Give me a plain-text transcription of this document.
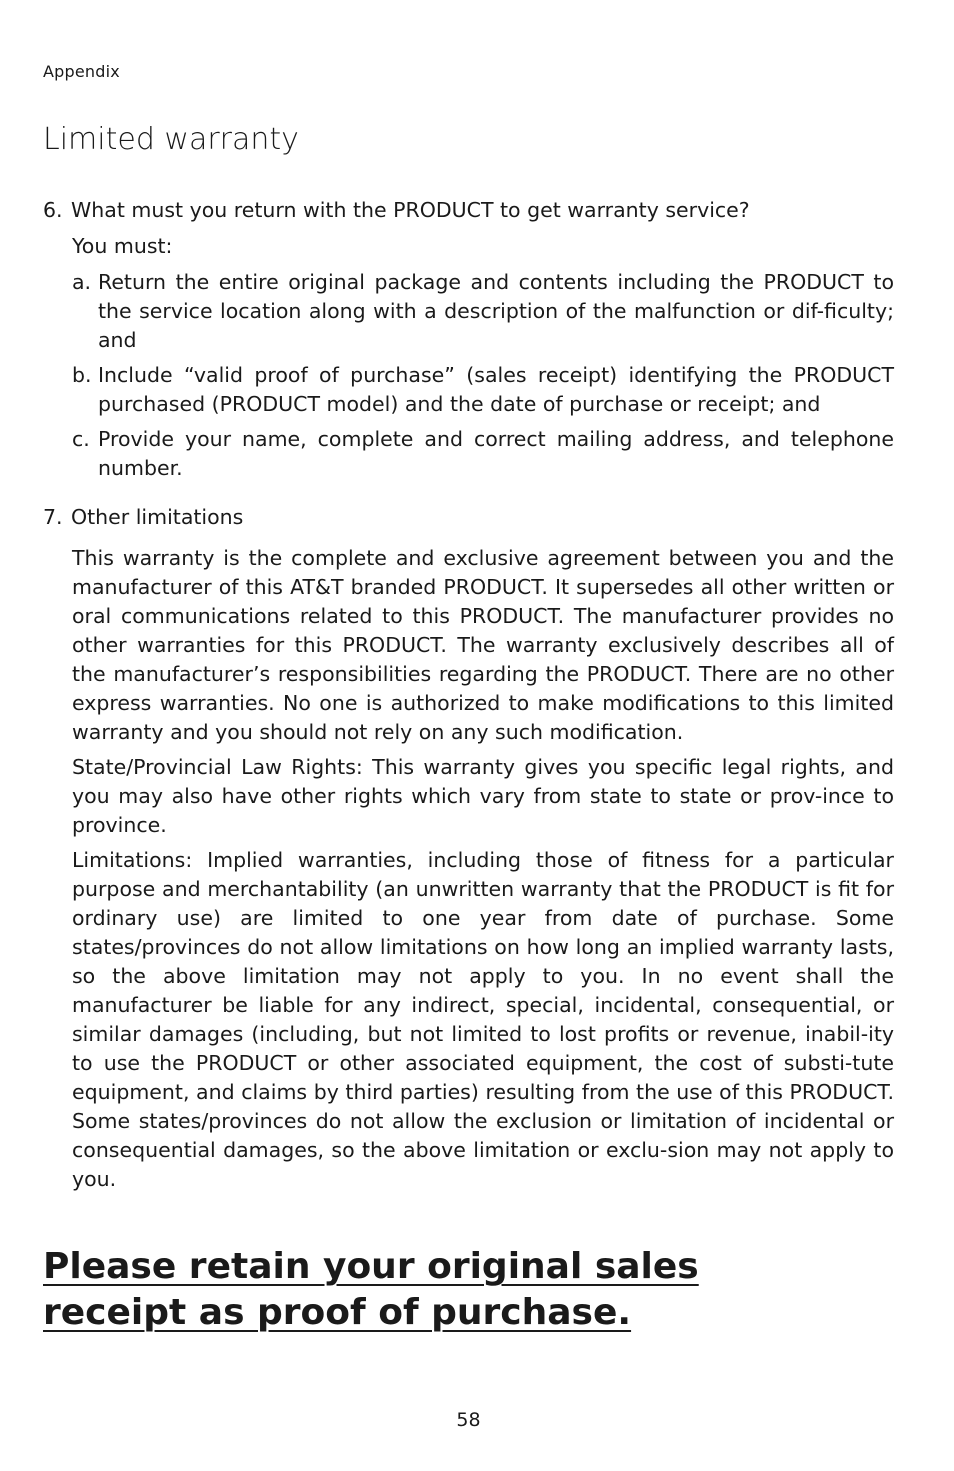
Appendix
Limited warranty

6. What must you return with the PRODUCT to get warranty service?

You must:
a. Return the entire original package and contents including the PRODUCT to the service location along with a description of the malfunction or dif-ficulty; and
b. Include “valid proof of purchase” (sales receipt) identifying the PRODUCT purchased (PRODUCT model) and the date of purchase or receipt; and
c. Provide your name, complete and correct mailing address, and telephone number.

7. Other limitations

This warranty is the complete and exclusive agreement between you and the manufacturer of this AT&T branded PRODUCT. It supersedes all other written or oral communications related to this PRODUCT. The manufacturer provides no other warranties for this PRODUCT. The warranty exclusively describes all of the manufacturer’s responsibilities regarding the PRODUCT. There are no other express warranties. No one is authorized to make modifications to this limited warranty and you should not rely on any such modification.
State/Provincial Law Rights: This warranty gives you specific legal rights, and you may also have other rights which vary from state to state or prov-ince to province.
Limitations: Implied warranties, including those of fitness for a particular purpose and merchantability (an unwritten warranty that the PRODUCT is fit for ordinary use) are limited to one year from date of purchase. Some states/provinces do not allow limitations on how long an implied warranty lasts, so the above limitation may not apply to you. In no event shall the manufacturer be liable for any indirect, special, incidental, consequential, or similar damages (including, but not limited to lost profits or revenue, inabil-ity to use the PRODUCT or other associated equipment, the cost of substi-tute equipment, and claims by third parties) resulting from the use of this PRODUCT. Some states/provinces do not allow the exclusion or limitation of incidental or consequential damages, so the above limitation or exclu-sion may not apply to you.
Please retain your original sales receipt as proof of purchase.
58
